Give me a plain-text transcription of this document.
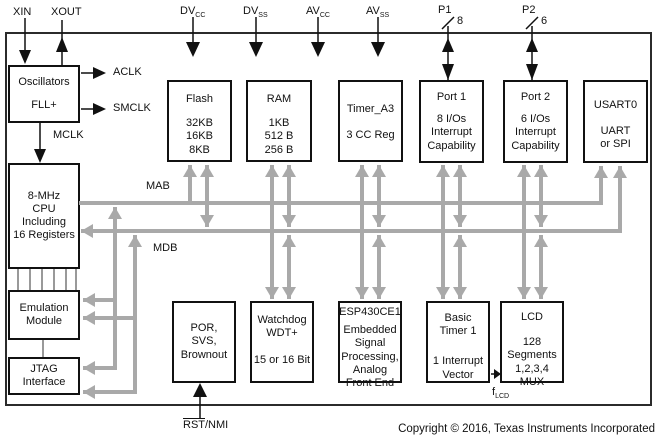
Oscillators
FLL+
8-MHz
CPU
Including
16 Registers
Emulation
Module
JTAG
Interface
Flash
32KB
16KB
8KB
RAM
1KB
512 B
256 B
Timer_A3
3 CC Reg
Port 1
8 I/Os
Interrupt
Capability
Port 2
6 I/Os
Interrupt
Capability
USART0
UART
or SPI
POR,
SVS,
Brownout
Watchdog
WDT+
15 or 16 Bit
ESP430CE1
Embedded
Signal
Processing,
Analog
Front End
Basic
Timer 1
1 Interrupt
Vector
LCD
128
Segments
1,2,3,4 MUX
XIN XOUT	$DV_{CC}$	$DV_{SS}$	$AV_{CC}$	$AV_{SS}$	P1
8
P2
6
ACLK
SMCLK
MCLK
MAB
MDB
$f_{LCD}$
$\overline{RST}$/NMI	Copyright © 2016, Texas Instruments Incorporated
